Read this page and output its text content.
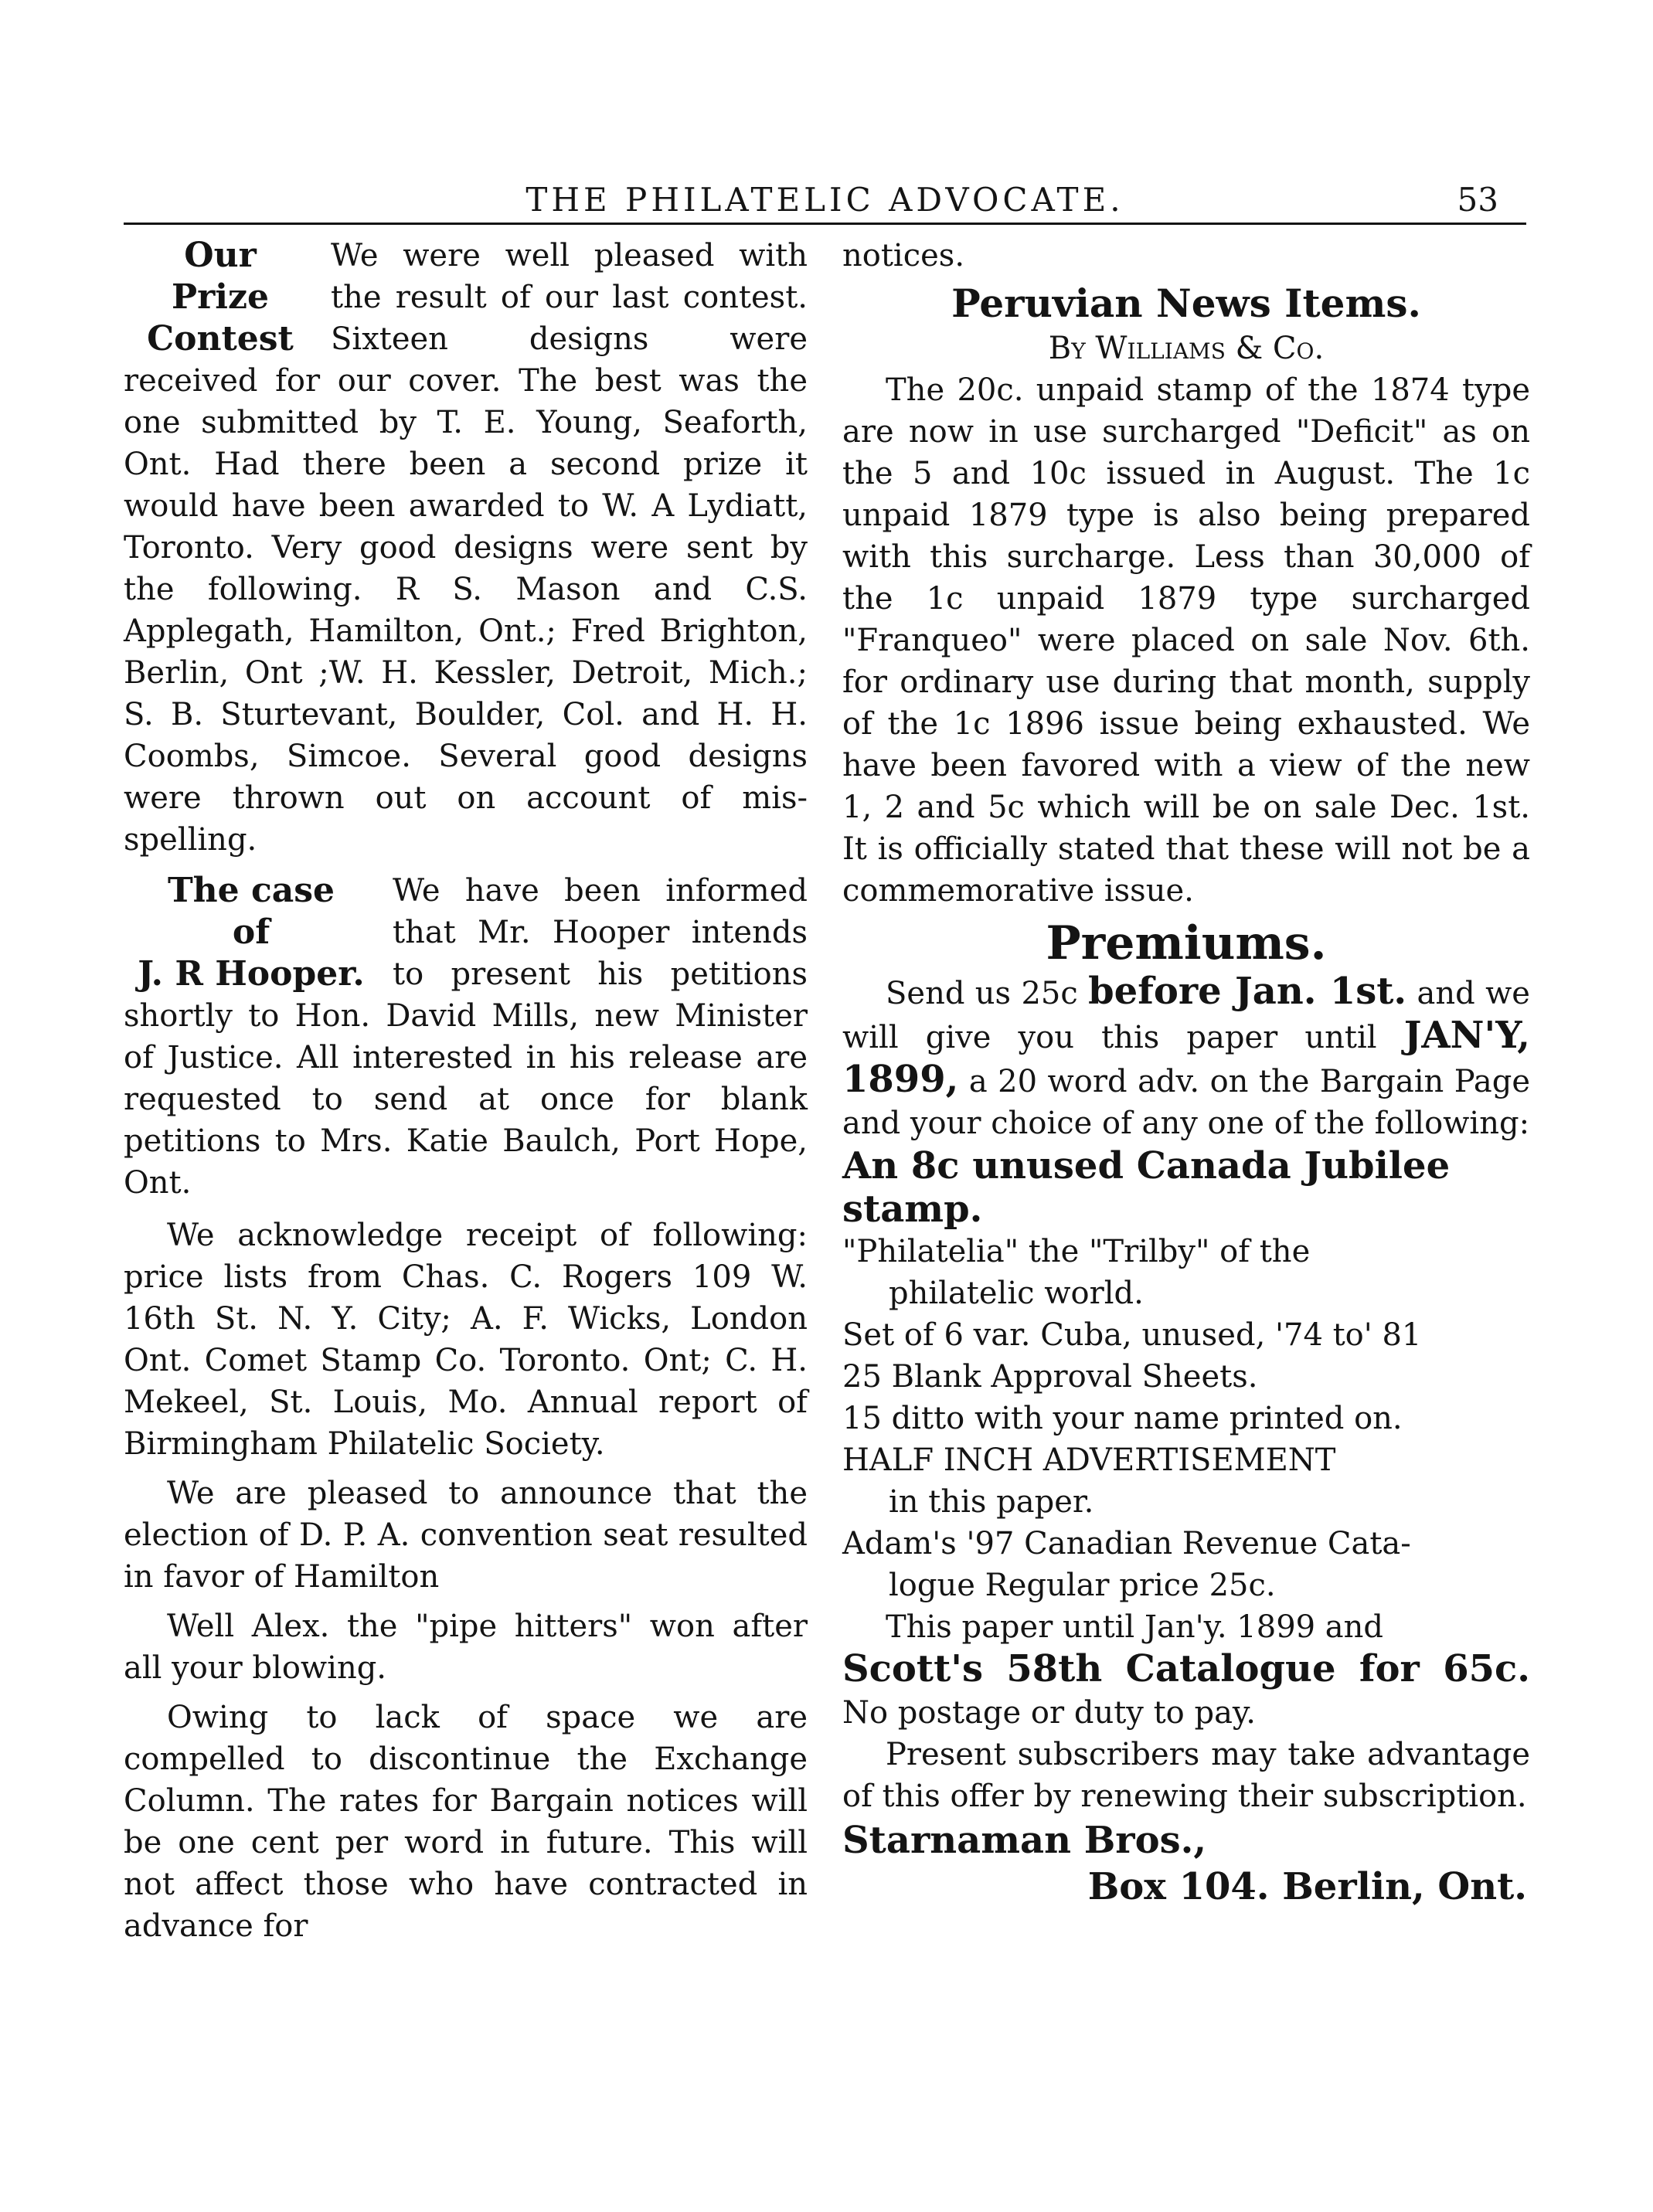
THE PHILATELIC ADVOCATE.	53
Our
Prize
Contest

We were well pleased with the result of our last contest. Sixteen designs were received for our cover. The best was the one submitted by T. E. Young, Seaforth, Ont. Had there been a second prize it would have been awarded to W. A Lydiatt, Toronto. Very good designs were sent by the following. R S. Mason and C.S. Applegath, Hamilton, Ont.; Fred Brighton, Berlin, Ont ;W. H. Kessler, Detroit, Mich.; S. B. Sturtevant, Boulder, Col. and H. H. Coombs, Simcoe. Several good designs were thrown out on account of mis-spelling.

The case
of
J. R Hooper.

We have been informed that Mr. Hooper intends to present his petitions shortly to Hon. David Mills, new Minister of Justice. All interested in his release are requested to send at once for blank petitions to Mrs. Katie Baulch, Port Hope, Ont.

We acknowledge receipt of following: price lists from Chas. C. Rogers 109 W. 16th St. N. Y. City; A. F. Wicks, London Ont. Comet Stamp Co. Toronto. Ont; C. H. Mekeel, St. Louis, Mo. Annual report of Birmingham Philatelic Society.

We are pleased to announce that the election of D. P. A. convention seat resulted in favor of Hamilton

Well Alex. the "pipe hitters" won after all your blowing.

Owing to lack of space we are compelled to discontinue the Exchange Column. The rates for Bargain notices will be one cent per word in future. This will not affect those who have contracted in advance for

notices.

Peruvian News Items.
By Williams & Co.

The 20c. unpaid stamp of the 1874 type are now in use surcharged "Deficit" as on the 5 and 10c issued in August. The 1c unpaid 1879 type is also being prepared with this surcharge. Less than 30,000 of the 1c unpaid 1879 type surcharged "Franqueo" were placed on sale Nov. 6th. for ordinary use during that month, supply of the 1c 1896 issue being exhausted. We have been favored with a view of the new 1, 2 and 5c which will be on sale Dec. 1st. It is officially stated that these will not be a commemorative issue.

Premiums.

Send us 25c before Jan. 1st. and we will give you this paper until JAN'Y, 1899, a 20 word adv. on the Bargain Page and your choice of any one of the following:

An 8c unused Canada Jubilee stamp.

"Philatelia" the "Trilby" of the

philatelic world.

Set of 6 var. Cuba, unused, '74 to' 81

25 Blank Approval Sheets.

15 ditto with your name printed on.

HALF INCH ADVERTISEMENT

in this paper.

Adam's '97 Canadian Revenue Cata-

logue Regular price 25c.

This paper until Jan'y. 1899 and

Scott's 58th Catalogue for 65c. No postage or duty to pay.

Present subscribers may take advantage of this offer by renewing their subscription.

Starnaman Bros.,
Box 104. Berlin, Ont.
